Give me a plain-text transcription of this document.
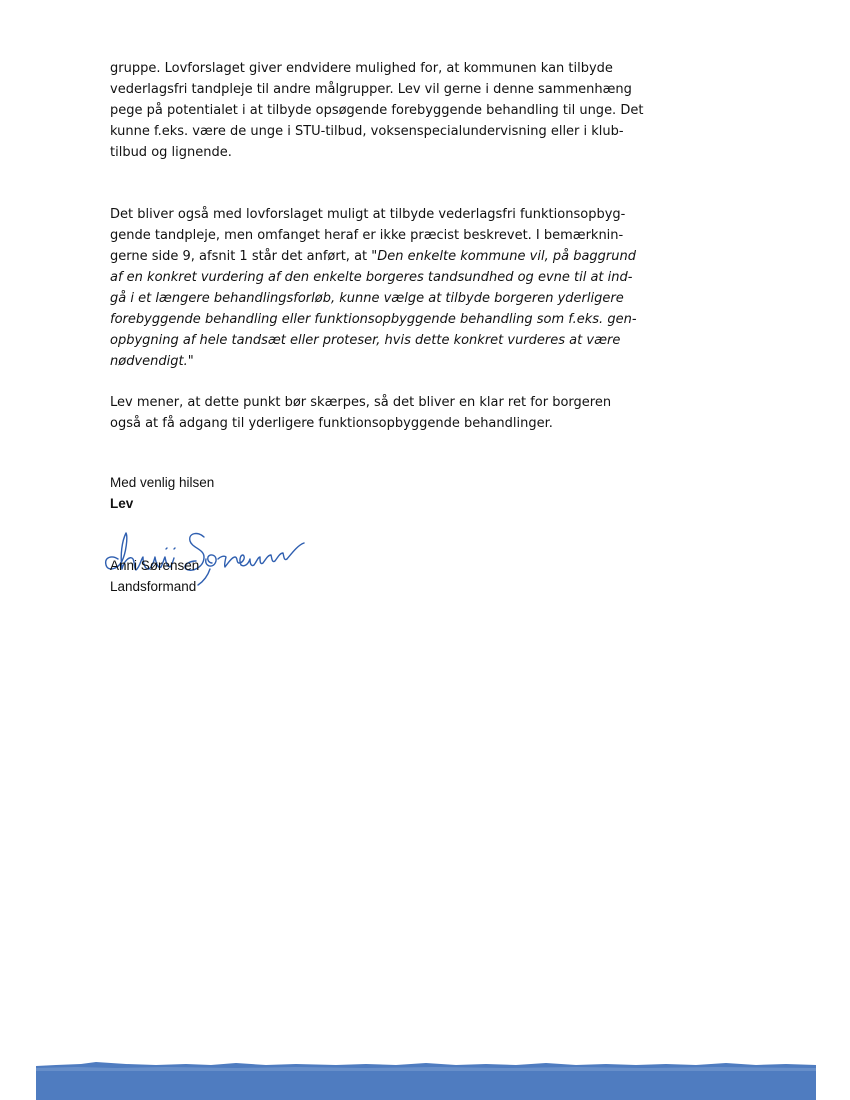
gruppe. Lovforslaget giver endvidere mulighed for, at kommunen kan tilbyde
vederlagsfri tandpleje til andre målgrupper. Lev vil gerne i denne sammenhæng
pege på potentialet i at tilbyde opsøgende forebyggende behandling til unge. Det
kunne f.eks. være de unge i STU-tilbud, voksenspecialundervisning eller i klub-
tilbud og lignende.

Det bliver også med lovforslaget muligt at tilbyde vederlagsfri funktionsopbyg-
gende tandpleje, men omfanget heraf er ikke præcist beskrevet. I bemærknin-
gerne side 9, afsnit 1 står det anført, at "Den enkelte kommune vil, på baggrund
af en konkret vurdering af den enkelte borgeres tandsundhed og evne til at ind-
gå i et længere behandlingsforløb, kunne vælge at tilbyde borgeren yderligere
forebyggende behandling eller funktionsopbyggende behandling som f.eks. gen-
opbygning af hele tandsæt eller proteser, hvis dette konkret vurderes at være
nødvendigt."

Lev mener, at dette punkt bør skærpes, så det bliver en klar ret for borgeren
også at få adgang til yderligere funktionsopbyggende behandlinger.

Med venlig hilsen
Lev
Anni Sørensen
Landsformand
